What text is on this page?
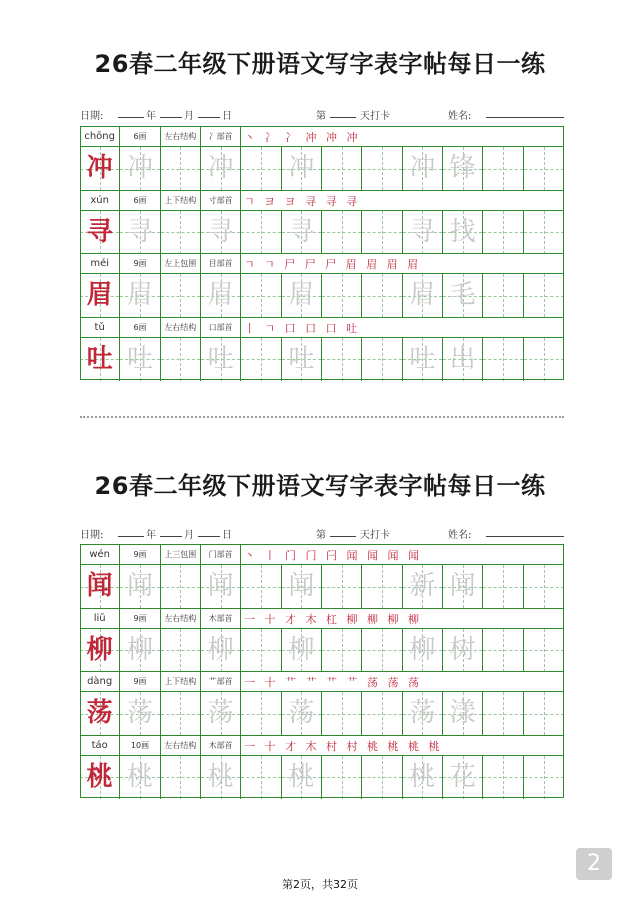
26春二年级下册语文写字表字帖每日一练
日期:	年	月	日	第	天打卡	姓名:
chōng	6画	左右结构	冫部首	丶 冫 冫 冲 冲 冲
冲 冲 冲 冲	冲 锋
xún	6画	上下结构	寸部首	ㄱ ヨ ヨ 寻 寻 寻
寻 寻 寻 寻	寻 找
méi	9画	左上包围	目部首	ㄱ ㄱ 尸 尸 尸 眉 眉 眉 眉
眉 眉 眉 眉	眉 毛
tǔ	6画	左右结构	口部首	丨 ㄱ 口 口 口 吐
吐 吐 吐 吐	吐 出
26春二年级下册语文写字表字帖每日一练
日期:	年	月	日	第	天打卡	姓名:
wén	9画	上三包围	门部首	丶 丨 门 门 闩 闻 闻 闻 闻
闻 闻 闻 闻	新 闻
liǔ	9画	左右结构	木部首	一 十 才 木 杠 柳 柳 柳 柳
柳 柳 柳 柳	柳 树
dàng	9画	上下结构	艹部首	一 十 艹 艹 艹 艹 荡 荡 荡
荡 荡 荡 荡	荡 漾
táo	10画	左右结构	木部首	一 十 才 木 村 村 桃 桃 桃 桃
桃 桃 桃 桃	桃 花
第2页，共32页
2
